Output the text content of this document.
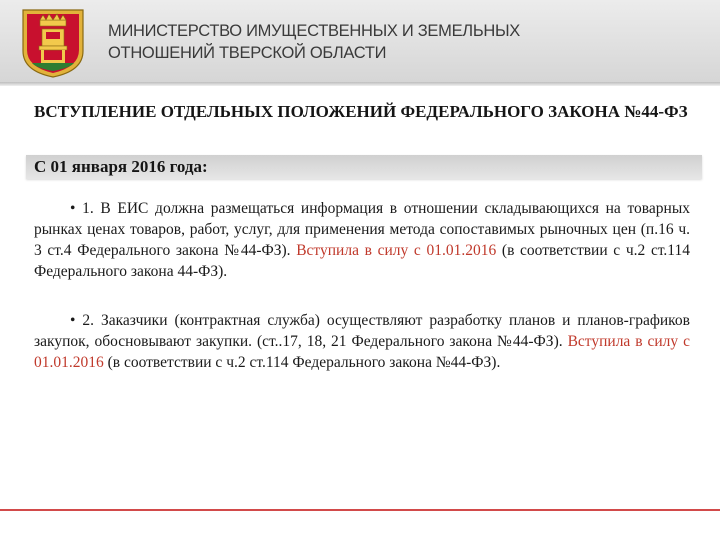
МИНИСТЕРСТВО ИМУЩЕСТВЕННЫХ И ЗЕМЕЛЬНЫХ
ОТНОШЕНИЙ ТВЕРСКОЙ ОБЛАСТИ
ВСТУПЛЕНИЕ ОТДЕЛЬНЫХ ПОЛОЖЕНИЙ ФЕДЕРАЛЬНОГО ЗАКОНА №44-ФЗ
С 01 января 2016 года:
• 1. В ЕИС должна размещаться информация в отношении складывающихся на товарных рынках ценах товаров, работ, услуг, для применения метода сопоставимых рыночных цен (п.16 ч. 3 ст.4 Федерального закона №44-ФЗ). Вступила в силу с 01.01.2016 (в соответствии с ч.2 ст.114 Федерального закона 44-ФЗ).
• 2. Заказчики (контрактная служба) осуществляют разработку планов и планов-графиков закупок, обосновывают закупки. (ст..17, 18, 21 Федерального закона №44-ФЗ). Вступила в силу с 01.01.2016 (в соответствии с ч.2 ст.114 Федерального закона №44-ФЗ).
